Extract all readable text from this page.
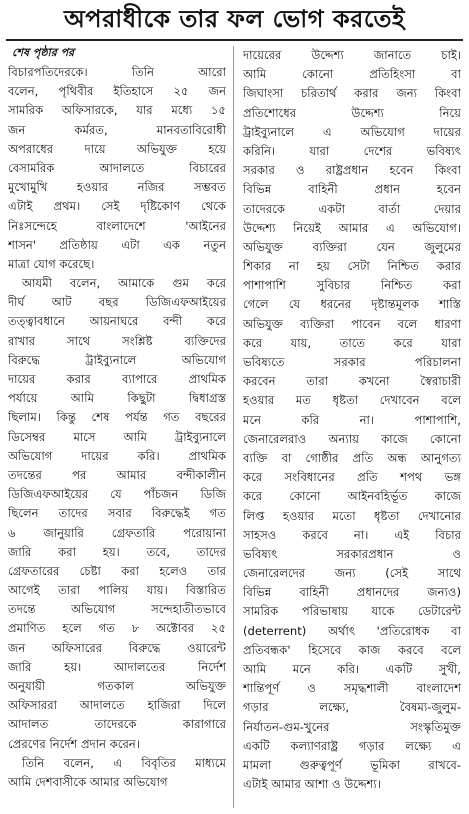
অপরাধীকে তার ফল ভোগ করতেই
শেষ পৃষ্ঠার পর
বিচারপতিদেরকে। তিনি আরো
বলেন, পৃথিবীর ইতিহাসে ২৫ জন
সামরিক অফিসারকে, যার মধ্যে ১৫
জন কর্মরত, মানবতাবিরোধী
অপরাধের দায়ে অভিযুক্ত হয়ে
বেসামরিক আদালতে বিচারের
মুখোমুখি হওয়ার নজির সম্ভবত
এটাই প্রথম। সেই দৃষ্টিকোণ থেকে
নিঃসন্দেহে বাংলাদেশে 'আইনের
শাসন' প্রতিষ্ঠায় এটা এক নতুন
মাত্রা যোগ করেছে।
আযমী বলেন, আমাকে গুম করে
দীর্ঘ আট বছর ডিজিএফআইয়ের
তত্ত্বাবধানে আয়নাঘরে বন্দী করে
রাখার সাথে সংশ্লিষ্ট ব্যক্তিদের
বিরুদ্ধে ট্রাইব্যুনালে অভিযোগ
দায়ের করার ব্যাপারে প্রাথমিক
পর্যায়ে আমি কিছুটা দ্বিধাগ্রস্ত
ছিলাম। কিন্তু শেষ পর্যন্ত গত বছরের
ডিসেম্বর মাসে আমি ট্রাইব্যুনালে
অভিযোগ দায়ের করি। প্রাথমিক
তদন্তের পর আমার বন্দীকালীন
ডিজিএফআইয়ের যে পাঁচজন ডিজি
ছিলেন তাদের সবার বিরুদ্ধেই গত
৬ জানুয়ারি গ্রেফতারি পরোয়ানা
জারি করা হয়। তবে, তাদের
গ্রেফতারের চেষ্টা করা হলেও তার
আগেই তারা পালিয় যায়। বিস্তারিত
তদন্তে অভিযোগ সন্দেহাতীতভাবে
প্রমাণিত হলে গত ৮ অক্টোবর ২৫
জন অফিসারের বিরুদ্ধে ওয়ারেন্ট
জারি হয়। আদালতের নির্দেশ
অনুযায়ী গতকাল অভিযুক্ত
অফিসাররা আদালতে হাজিরা দিলে
আদালত তাদেরকে কারাগারে
প্রেরণের নির্দেশ প্রদান করেন।
তিনি বলেন, এ বিবৃতির মাধ্যমে
আমি দেশবাসীকে আমার অভিযোগ
দায়েরের উদ্দেশ্য জানাতে চাই।
আমি কোনো প্রতিহিংসা বা
জিঘাংসা চরিতার্থ করার জন্য কিংবা
প্রতিশোধের উদ্দেশ্য নিয়ে
ট্রাইব্যুনালে এ অভিযোগ দায়ের
করিনি। যারা দেশের ভবিষ্যৎ
সরকার ও রাষ্ট্রপ্রধান হবেন কিংবা
বিভিন্ন বাহিনী প্রধান হবেন
তাদেরকে একটা বার্তা দেয়ার
উদ্দেশ্য নিয়েই আমার এ অভিযোগ।
অভিযুক্ত ব্যক্তিরা যেন জুলুমের
শিকার না হয় সেটা নিশ্চিত করার
পাশাপাশি সুবিচার নিশ্চিত করা
গেলে যে ধরনের দৃষ্টান্তমূলক শাস্তি
অভিযুক্ত ব্যক্তিরা পাবেন বলে ধারণা
করে যায়, তাতে করে যারা
ভবিষ্যতে সরকার পরিচালনা
করবেন তারা কখনো স্বৈরাচারী
হওয়ার মত ধৃষ্টতা দেখাবেন বলে
মনে করি না। পাশাপাশি,
জেনারেলরাও অন্যায় কাজে কোনো
ব্যক্তি বা গোষ্ঠীর প্রতি অন্ধ আনুগত্য
করে সংবিধানের প্রতি শপথ ভঙ্গ
করে কোনো আইনবহির্ভূত কাজে
লিপ্ত হওয়ার মতো ধৃষ্টতা দেখানোর
সাহসও করবে না। এই বিচার
ভবিষ্যৎ সরকারপ্রধান ও
জেনারেলদের জন্য (সেই সাথে
বিভিন্ন বাহিনী প্রধানদের জন্যও)
সামরিক পরিভাষায় যাকে ডেটারেন্ট
(deterrent) অর্থাৎ 'প্রতিরোধক বা
প্রতিবন্ধক' হিসেবে কাজ করবে বলে
আমি মনে করি। একটি সুখী,
শান্তিপূর্ণ ও সমৃদ্ধশালী বাংলাদেশ
গড়ার লক্ষ্যে, বৈষম্য-জুলুম-
নির্যাতন-গুম-খুনের সংস্কৃতিমুক্ত
একটি কল্যাণরাষ্ট্র গড়ার লক্ষ্যে এ
মামলা গুরুত্বপূর্ণ ভূমিকা রাখবে-
এটাই আমার আশা ও উদ্দেশ্য।
